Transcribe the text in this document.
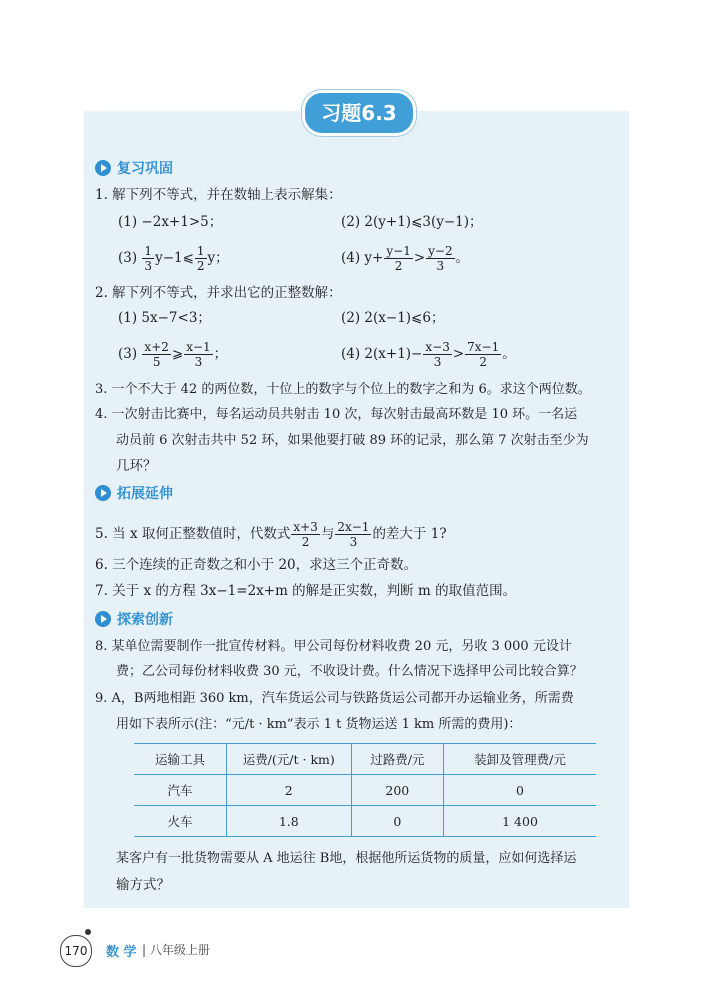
习题6.3
复习巩固
1. 解下列不等式，并在数轴上表示解集：
(1) −2x+1>5；	(2) 2(y+1)⩽3(y−1)；
$(3) \frac{1}{3}$ y−1⩽ $\frac{1}{2}$ y；	(4) $y+ \frac{y-1}{2} > \frac{y-2}{3}$ 。
2. 解下列不等式，并求出它的正整数解：
(1) 5x−7<3；	(2) 2(x−1)⩽6；
$(3) \frac{x+2}{5}$ ⩾ $\frac{x-1}{3}$ ；	(4) $2(x+1)- \frac{x-3}{3} > \frac{7x-1}{2}$ 。
3. 一个不大于 42 的两位数，十位上的数字与个位上的数字之和为 6。求这个两位数。
4. 一次射击比赛中，每名运动员共射击 10 次，每次射击最高环数是 10 环。一名运
动员前 6 次射击共中 52 环，如果他要打破 89 环的记录，那么第 7 次射击至少为
几环？
拓展延伸
5. 当 x 取何正整数值时，代数式 $\frac{x+3}{2}$ 与 $\frac{2x-1}{3}$ 的差大于 1?
6. 三个连续的正奇数之和小于 20，求这三个正奇数。
7. 关于 x 的方程 3x−1=2x+m 的解是正实数，判断 m 的取值范围。
探索创新
8. 某单位需要制作一批宣传材料。甲公司每份材料收费 20 元，另收 3 000 元设计
费；乙公司每份材料收费 30 元，不收设计费。什么情况下选择甲公司比较合算？
9. A，B两地相距 360 km，汽车货运公司与铁路货运公司都开办运输业务，所需费
用如下表所示(注：“元/t · km”表示 1 t 货物运送 1 km 所需的费用)：
运输工具	运费/(元/t · km)	过路费/元	装卸及管理费/元
汽车	2	200	0
火车	1.8	0	1 400
某客户有一批货物需要从 A 地运往 B地，根据他所运货物的质量，应如何选择运
输方式？
170	数 学 | 八年级上册
